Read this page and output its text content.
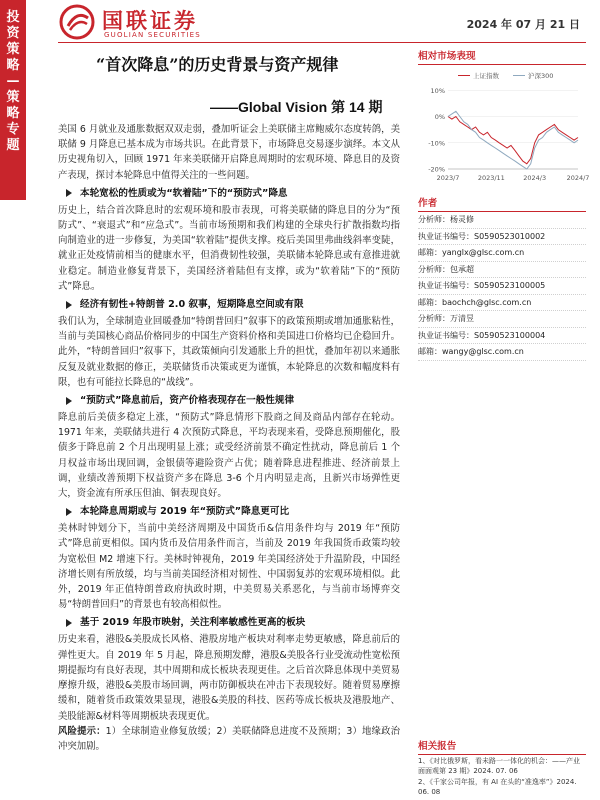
投资策略—策略专题
国联证券
GUOLIAN SECURITIES
2024 年 07 月 21 日
“首次降息”的历史背景与资产规律
——Global Vision 第 14 期

美国 6 月就业及通胀数据双双走弱，叠加听证会上美联储主席鲍威尔态度转鸽，美联储 9 月降息已基本成为市场共识。在此背景下，市场降息交易逐步演绎。本文从历史视角切入，回顾 1971 年来美联储开启降息周期时的宏观环境、降息目的及资产表现，探讨本轮降息中值得关注的一些问题。

本轮宽松的性质或为“软着陆”下的“预防式”降息

历史上，结合首次降息时的宏观环境和股市表现，可将美联储的降息目的分为“预防式”、“衰退式”和“应急式”。当前市场预期和我们构建的全球央行扩散指数均指向制造业的进一步修复，为美国“软着陆”提供支撑。疫后美国里弗曲线斜率变陡，就业正处疫情前相当的健康水平，但消费韧性较强，美联储本轮降息或有意推进就业稳定。制造业修复背景下，美国经济着陆但有支撑，或为“软着陆”下的“预防式”降息。

经济有韧性+特朗普 2.0 叙事，短期降息空间或有限

我们认为，全球制造业回暖叠加“特朗普回归”叙事下的政策预期或增加通胀粘性，当前与美国核心商品价格同步的中国生产资料价格和美国进口价格均已企稳回升。此外，“特朗普回归”叙事下，其政策倾向引发通胀上升的担忧，叠加年初以来通胀反复及就业数据的修正，美联储货币决策或更为谨慎，本轮降息的次数和幅度料有限，也有可能拉长降息的“战线”。

“预防式”降息前后，资产价格表现存在一般性规律

降息前后美债多稳定上涨，“预防式”降息情形下股商之间及商品内部存在轮动。1971 年来，美联储共进行 4 次预防式降息，平均表现来看，受降息预期催化，股债多于降息前 2 个月出现明显上涨；或受经济前景不确定性扰动，降息前后 1 个月权益市场出现回调，金银债等避险资产占优；随着降息进程推进、经济前景上调，业绩改善预期下权益资产多在降息 3-6 个月内明显走高，且新兴市场弹性更大，资金流有所承压但油、铜表现良好。

本轮降息周期或与 2019 年“预防式”降息更可比

美林时钟划分下，当前中美经济周期及中国货币&信用条件均与 2019 年“预防式”降息前更相似。国内货币及信用条件而言，当前及 2019 年我国货币政策均较为宽松但 M2 增速下行。美林时钟视角，2019 年美国经济处于升温阶段，中国经济增长则有所放缓，均与当前美国经济相对韧性、中国弱复苏的宏观环境相似。此外，2019 年正值特朗普政府执政时期，中美贸易关系恶化，与当前市场博弈交易“特朗普回归”的背景也有较高相似性。

基于 2019 年股市映射，关注利率敏感性更高的板块

历史来看，港股&美股成长风格、港股房地产板块对利率走势更敏感，降息前后的弹性更大。自 2019 年 5 月起，降息预期发酵，港股&美股各行业受流动性宽松预期提振均有良好表现，其中周期和成长板块表现更佳。之后首次降息体现中美贸易摩擦升级，港股&美股市场回调，两市防御板块在冲击下表现较好。随着贸易摩擦缓和，随着货币政策效果显现，港股&美股的科技、医药等成长板块及港股地产、美股能源&材料等周期板块表现更优。

风险提示：1）全球制造业修复放缓；2）美联储降息进度不及预期；3）地缘政治冲突加剧。

相对市场表现
上证指数	沪深300
10%
0%
-10%
-20%
2023/7	2023/11	2024/3	2024/7
作者
分析师：杨灵修
执业证书编号：S0590523010002
邮箱：yanglx@glsc.com.cn
分析师：包承超
执业证书编号：S0590523100005
邮箱：baochch@glsc.com.cn
分析师：万清昱
执业证书编号：S0590523100004
邮箱：wangy@glsc.com.cn
相关报告
1、《对比俄罗斯，看未路一一体化的机会：——产业面面观第 23 期》2024. 07. 06
2、《千家公司年报，有 AI 在头的“准逸率”》2024. 06. 08
